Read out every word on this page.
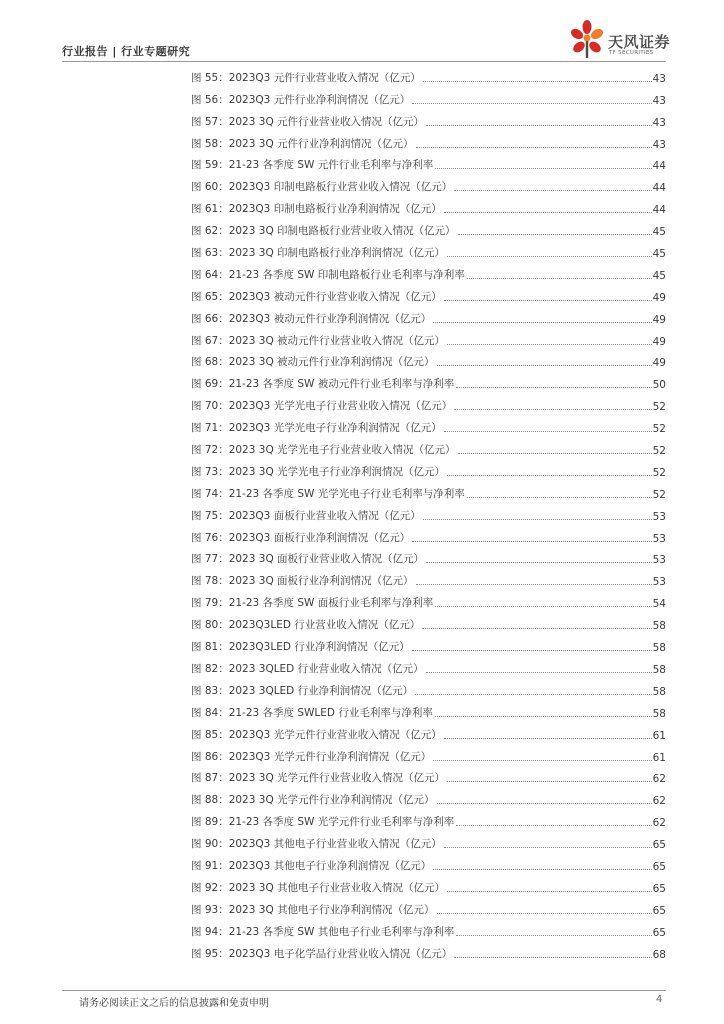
行业报告 | 行业专题研究
天风证券
TF SECURITIES
图 55：2023Q3 元件行业营业收入情况（亿元）	43
图 56：2023Q3 元件行业净利润情况（亿元）	43
图 57：2023 3Q 元件行业营业收入情况（亿元）	43
图 58：2023 3Q 元件行业净利润情况（亿元）	43
图 59：21-23 各季度 SW 元件行业毛利率与净利率	44
图 60：2023Q3 印制电路板行业营业收入情况（亿元）	44
图 61：2023Q3 印制电路板行业净利润情况（亿元）	44
图 62：2023 3Q 印制电路板行业营业收入情况（亿元）	45
图 63：2023 3Q 印制电路板行业净利润情况（亿元）	45
图 64：21-23 各季度 SW 印制电路板行业毛利率与净利率	45
图 65：2023Q3 被动元件行业营业收入情况（亿元）	49
图 66：2023Q3 被动元件行业净利润情况（亿元）	49
图 67：2023 3Q 被动元件行业营业收入情况（亿元）	49
图 68：2023 3Q 被动元件行业净利润情况（亿元）	49
图 69：21-23 各季度 SW 被动元件行业毛利率与净利率	50
图 70：2023Q3 光学光电子行业营业收入情况（亿元）	52
图 71：2023Q3 光学光电子行业净利润情况（亿元）	52
图 72：2023 3Q 光学光电子行业营业收入情况（亿元）	52
图 73：2023 3Q 光学光电子行业净利润情况（亿元）	52
图 74：21-23 各季度 SW 光学光电子行业毛利率与净利率	52
图 75：2023Q3 面板行业营业收入情况（亿元）	53
图 76：2023Q3 面板行业净利润情况（亿元）	53
图 77：2023 3Q 面板行业营业收入情况（亿元）	53
图 78：2023 3Q 面板行业净利润情况（亿元）	53
图 79：21-23 各季度 SW 面板行业毛利率与净利率	54
图 80：2023Q3LED 行业营业收入情况（亿元）	58
图 81：2023Q3LED 行业净利润情况（亿元）	58
图 82：2023 3QLED 行业营业收入情况（亿元）	58
图 83：2023 3QLED 行业净利润情况（亿元）	58
图 84：21-23 各季度 SWLED 行业毛利率与净利率	58
图 85：2023Q3 光学元件行业营业收入情况（亿元）	61
图 86：2023Q3 光学元件行业净利润情况（亿元）	61
图 87：2023 3Q 光学元件行业营业收入情况（亿元）	62
图 88：2023 3Q 光学元件行业净利润情况（亿元）	62
图 89：21-23 各季度 SW 光学元件行业毛利率与净利率	62
图 90：2023Q3 其他电子行业营业收入情况（亿元）	65
图 91：2023Q3 其他电子行业净利润情况（亿元）	65
图 92：2023 3Q 其他电子行业营业收入情况（亿元）	65
图 93：2023 3Q 其他电子行业净利润情况（亿元）	65
图 94：21-23 各季度 SW 其他电子行业毛利率与净利率	65
图 95：2023Q3 电子化学品行业营业收入情况（亿元）	68
请务必阅读正文之后的信息披露和免责申明	4
